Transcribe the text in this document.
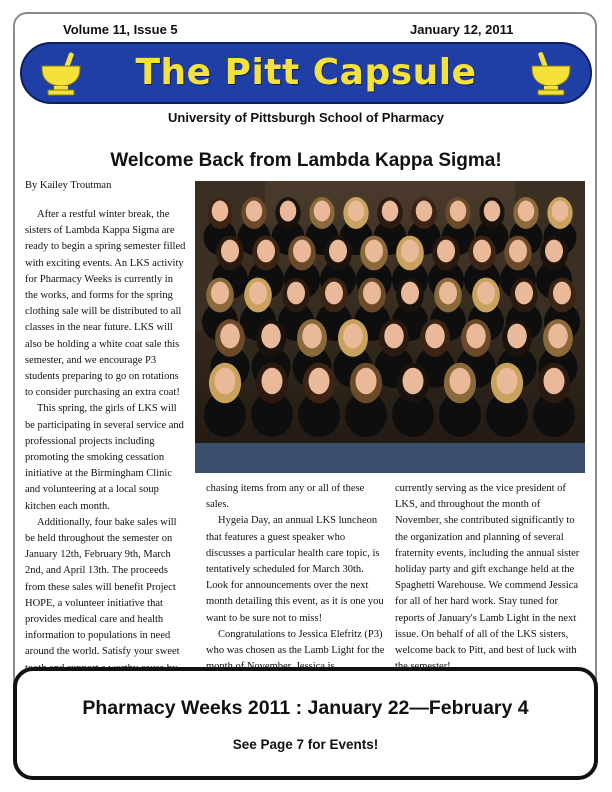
Volume 11, Issue 5	January 12, 2011
The Pitt Capsule
University of Pittsburgh School of Pharmacy
Welcome Back from Lambda Kappa Sigma!
By Kailey Troutman

After a restful winter break, the sisters of Lambda Kappa Sigma are ready to begin a spring semester filled with exciting events. An LKS activity for Pharmacy Weeks is currently in the works, and forms for the spring clothing sale will be distributed to all classes in the near future. LKS will also be holding a white coat sale this semester, and we encourage P3 students preparing to go on rotations to consider purchasing an extra coat!

This spring, the girls of LKS will be participating in several service and professional projects including promoting the smoking cessation initiative at the Birmingham Clinic and volunteering at a local soup kitchen each month.

Additionally, four bake sales will be held throughout the semester on January 12th, February 9th, March 2nd, and April 13th. The proceeds from these sales will benefit Project HOPE, a volunteer initiative that provides medical care and health information to populations in need around the world. Satisfy your sweet

chasing items from any or all of these sales.

Hygeia Day, an annual LKS luncheon that features a guest speaker who discusses a particular health care topic, is tentatively scheduled for March 30th. Look for announcements over the next month detailing this event, as it is one you want to be sure not to miss!

Congratulations to Jessica Elefritz (P3) who was chosen as the Lamb Light for the

currently serving as the vice president of LKS, and throughout the month of November, she contributed significantly to the organization and planning of several fraternity events, including the annual sister holiday party and gift exchange held at the Spaghetti Warehouse. We commend Jessica for all of her hard work. Stay tuned for reports of January's Lamb Light in the next issue. On behalf of all of the LKS sisters, welcome back to Pitt, and best of luck with

Pharmacy Weeks 2011 : January 22—February 4
See Page 7 for Events!
